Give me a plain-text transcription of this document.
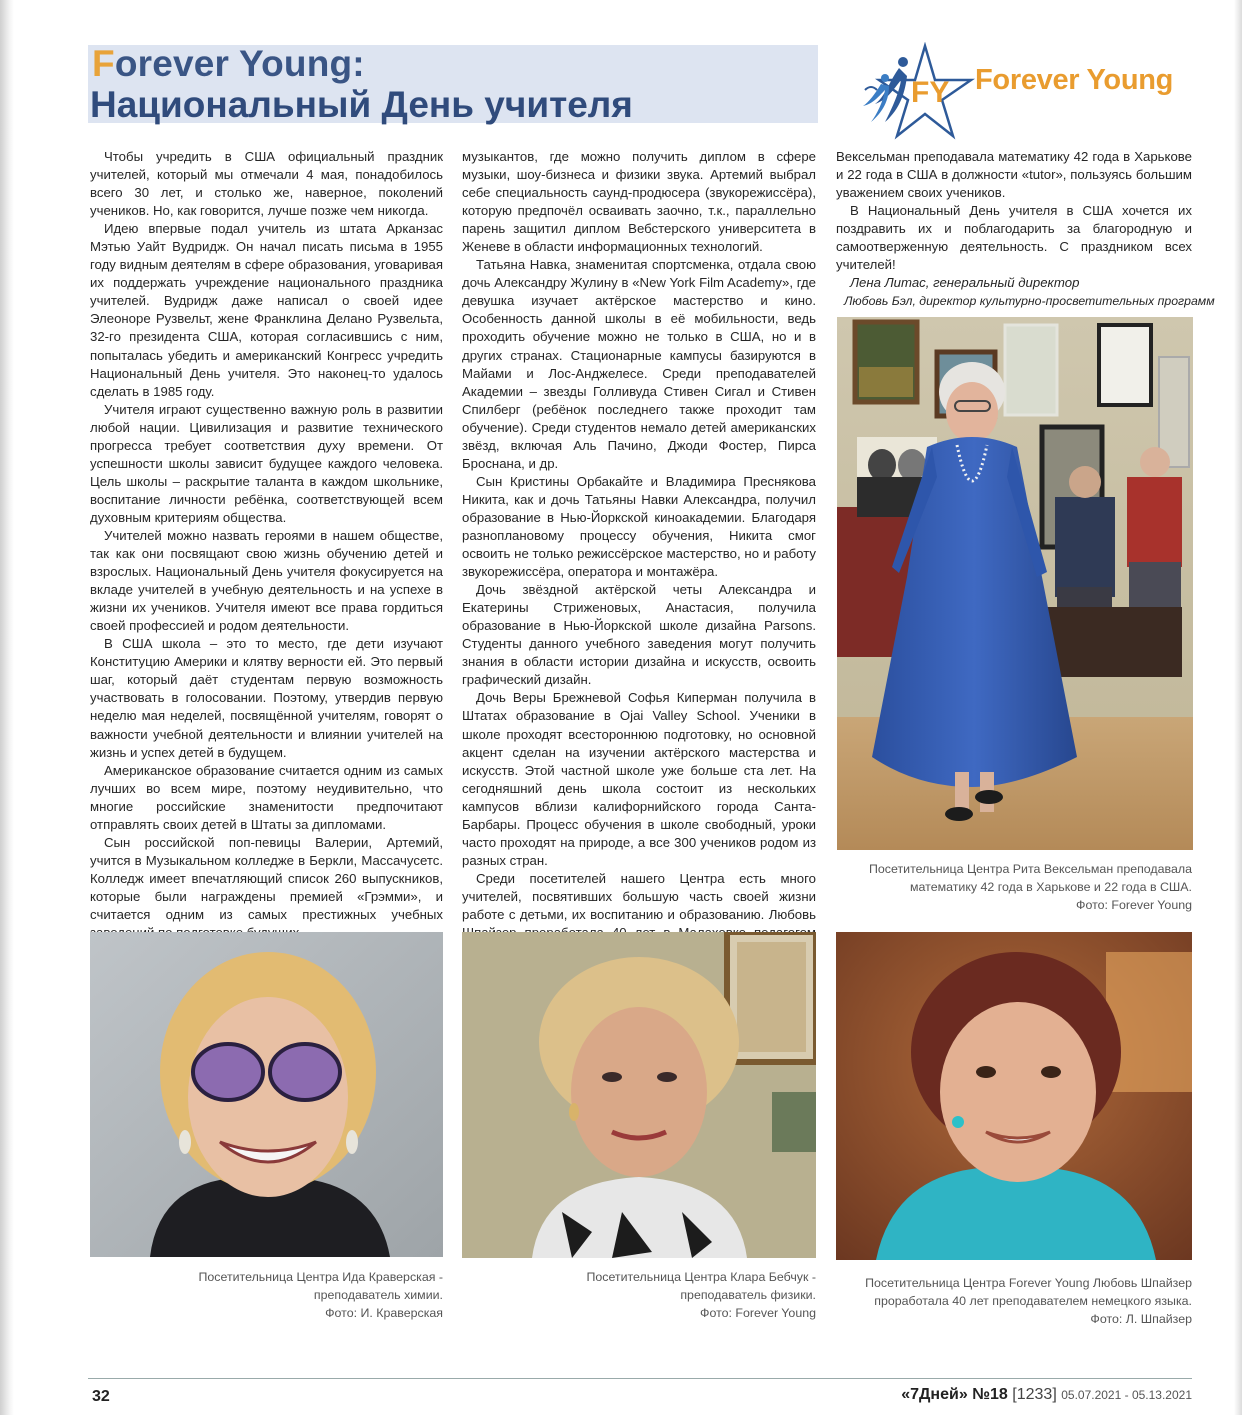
Forever Young:
Национальный День учителя	FY Forever Young

Чтобы учредить в США официальный праздник учителей, который мы отмечали 4 мая, понадобилось всего 30 лет, и столько же, наверное, поколений учеников. Но, как говорится, лучше позже чем никогда.

Идею впервые подал учитель из штата Арканзас Мэтью Уайт Вудридж. Он начал писать письма в 1955 году видным деятелям в сфере образования, уговаривая их поддержать учреждение национального праздника учителей. Вудридж даже написал о своей идее Элеоноре Рузвельт, жене Франклина Делано Рузвельта, 32-го президента США, которая согласившись с ним, попыталась убедить и американский Конгресс учредить Национальный День учителя. Это наконец-то удалось сделать в 1985 году.

Учителя играют существенно важную роль в развитии любой нации. Цивилизация и развитие технического прогресса требует соответствия духу времени. От успешности школы зависит будущее каждого человека. Цель школы – раскрытие таланта в каждом школьнике, воспитание личности ребёнка, соответствующей всем духовным критериям общества.

Учителей можно назвать героями в нашем обществе, так как они посвящают свою жизнь обучению детей и взрослых. Национальный День учителя фокусируется на вкладе учителей в учебную деятельность и на успехе в жизни их учеников. Учителя имеют все права гордиться своей профессией и родом деятельности.

В США школа – это то место, где дети изучают Конституцию Америки и клятву верности ей. Это первый шаг, который даёт студентам первую возможность участвовать в голосовании. Поэтому, утвердив первую неделю мая неделей, посвящённой учителям, говорят о важности учебной деятельности и влиянии учителей на жизнь и успех детей в будущем.

Американское образование считается одним из самых лучших во всем мире, поэтому неудивительно, что многие российские знаменитости предпочитают отправлять своих детей в Штаты за дипломами.

Сын российской поп-певицы Валерии, Артемий, учится в Музыкальном колледже в Беркли, Массачусетс. Колледж имеет впечатляющий список 260 выпускников, которые были награждены премией «Грэмми», и считается одним из самых престижных учебных

музыкантов, где можно получить диплом в сфере музыки, шоу-бизнеса и физики звука. Артемий выбрал себе специальность саунд-продюсера (звукорежиссёра), которую предпочёл осваивать заочно, т.к., параллельно парень защитил диплом Вебстерского университета в Женеве в области информационных технологий.

Татьяна Навка, знаменитая спортсменка, отдала свою дочь Александру Жулину в «New York Film Academy», где девушка изучает актёрское мастерство и кино. Особенность данной школы в её мобильности, ведь проходить обучение можно не только в США, но и в других странах. Стационарные кампусы базируются в Майами и Лос-Анджелесе. Среди преподавателей Академии – звезды Голливуда Стивен Сигал и Стивен Спилберг (ребёнок последнего также проходит там обучение). Среди студентов немало детей американских звёзд, включая Аль Пачино, Джоди Фостер, Пирса Броснана, и др.

Сын Кристины Орбакайте и Владимира Преснякова Никита, как и дочь Татьяны Навки Александра, получил образование в Нью-Йоркской киноакадемии. Благодаря разноплановому процессу обучения, Никита смог освоить не только режиссёрское мастерство, но и работу звукорежиссёра, оператора и монтажёра.

Дочь звёздной актёрской четы Александра и Екатерины Стриженовых, Анастасия, получила образование в Нью-Йоркской школе дизайна Parsons. Студенты данного учебного заведения могут получить знания в области истории дизайна и искусств, освоить графический дизайн.

Дочь Веры Брежневой Софья Киперман получила в Штатах образование в Ojai Valley School. Ученики в школе проходят всестороннюю подготовку, но основной акцент сделан на изучении актёрского мастерства и искусств. Этой частной школе уже больше ста лет. На сегодняшний день школа состоит из нескольких кампусов вблизи калифорнийского города Санта-Барбары. Процесс обучения в школе свободный, уроки часто проходят на природе, а все 300 учеников родом из разных стран.

Среди посетителей нашего Центра есть много учителей, посвятивших большую часть своей жизни работе с детьми, их воспитанию и образованию. Любовь

Вексельман преподавала математику 42 года в Харькове и 22 года в США в должности «tutor», пользуясь большим уважением своих учеников.

В Национальный День учителя в США хочется их поздравить их и поблагодарить за благородную и самоотверженную деятельность. С праздником всех учителей!

Лена Литас, генеральный директор

Любовь Бэл, директор культурно-просветительных программ

Посетительница Центра Рита Вексельман преподавала
математику 42 года в Харькове и 22 года в США.
Фото: Forever Young
Посетительница Центра Ида Краверская -
преподаватель химии.
Фото: И. Краверская
Посетительница Центра Клара Бебчук -
преподаватель физики.
Фото: Forever Young
Посетительница Центра Forever Young Любовь Шпайзер
проработала 40 лет преподавателем немецкого языка.
Фото: Л. Шпайзер
32	«7Дней» №18 [1233] 05.07.2021 - 05.13.2021
